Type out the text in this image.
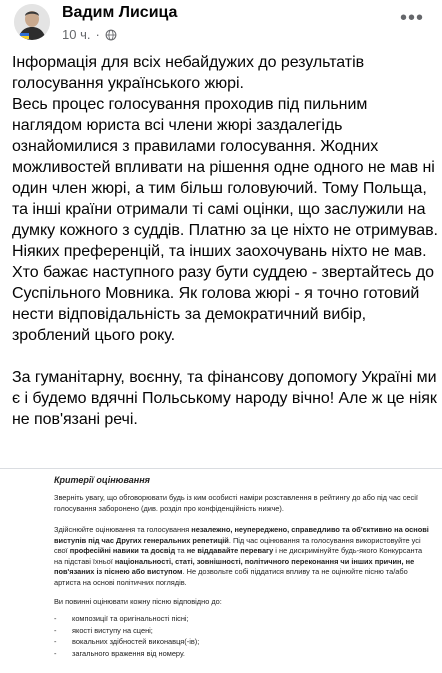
Вадим Лисица
10 ч. ·
•••

Інформація для всіх небайдужих до результатів голосування українського жюрі.

Весь процес голосування проходив під пильним наглядом юриста всі члени жюрі заздалегідь ознайомилися з правилами голосування. Жодних можливостей впливати на рішення одне одного не мав ні один член жюрі, а тим більш головуючий. Тому Польща, та інші країни отримали ті самі оцінки, що заслужили на думку кожного з суддів. Платню за це ніхто не отримував. Ніяких преференцій, та інших заохочувань ніхто не мав. Хто бажає наступного разу бути суддею - звертайтесь до Суспільного Мовника. Як голова жюрі - я точно готовий нести відповідальність за демократичний вибір, зроблений цього року.

За гуманітарну, воєнну, та фінансову допомогу Україні ми є і будемо вдячні Польському народу вічно! Але ж це ніяк не пов'язані речі.

Критерії оцінювання
Зверніть увагу, що обговорювати будь із ким особисті наміри розставлення в рейтингу до або під час сесії голосування заборонено (див. розділ про конфіденційність нижче).
Здійснюйте оцінювання та голосування незалежно, неупереджено, справедливо та об'єктивно на основі виступів під час Других генеральних репетицій. Під час оцінювання та голосування використовуйте усі свої професійні навики та досвід та не віддавайте перевагу і не дискримінуйте будь-якого Конкурсанта на підставі їхньої національності, статі, зовнішності, політичного переконання чи інших причин, не пов'язаних із піснею або виступом. Не дозвольте собі піддатися впливу та не оцінюйте пісню та/або артиста на основі політичних поглядів.
Ви повинні оцінювати кожну пісню відповідно до:
-	композиції та оригінальності пісні;
-	якості виступу на сцені;
-	вокальних здібностей виконавця(-ів);
-	загального враження від номеру.
